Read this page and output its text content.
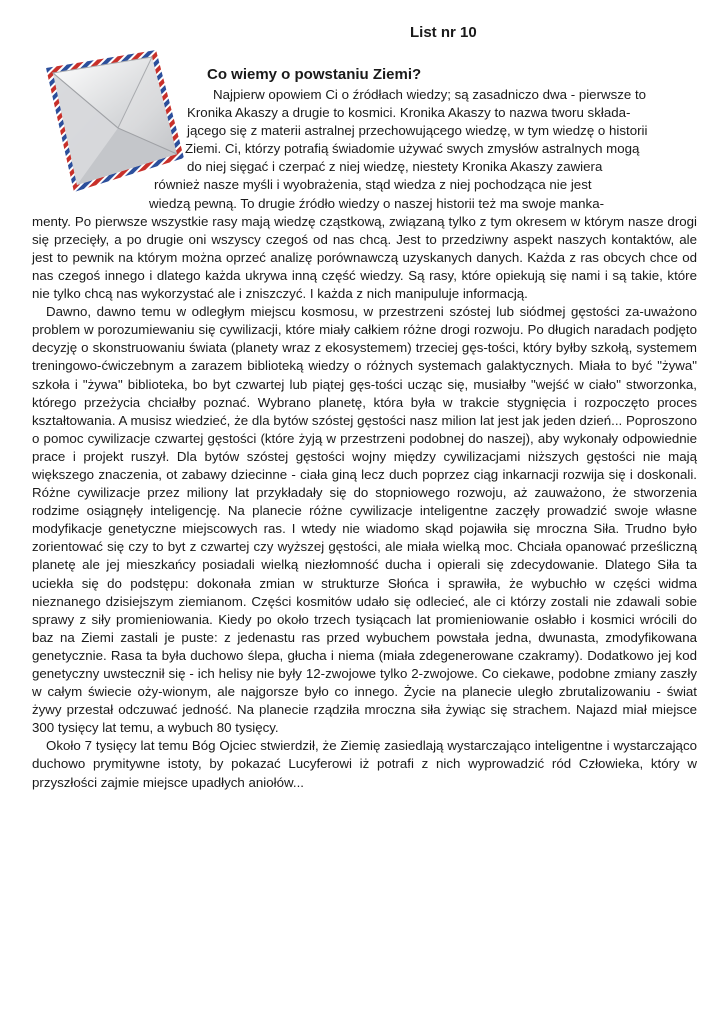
List nr 10
Co wiemy o powstaniu Ziemi?
Najpierw opowiem Ci o źródłach wiedzy; są zasadniczo dwa - pierwsze to
Kronika Akaszy a drugie to kosmici. Kronika Akaszy to nazwa tworu składa-
jącego się z materii astralnej przechowującego wiedzę, w tym wiedzę o historii
Ziemi. Ci, którzy potrafią świadomie używać swych zmysłów astralnych mogą
do niej sięgać i czerpać z niej wiedzę, niestety Kronika Akaszy zawiera
również nasze myśli i wyobrażenia, stąd wiedza z niej pochodząca nie jest
wiedzą pewną. To drugie źródło wiedzy o naszej historii też ma swoje manka-

menty. Po pierwsze wszystkie rasy mają wiedzę cząstkową, związaną tylko z tym okresem w którym nasze drogi się przecięły, a po drugie oni wszyscy czegoś od nas chcą. Jest to przedziwny aspekt naszych kontaktów, ale jest to pewnik na którym można oprzeć analizę porównawczą uzyskanych danych. Każda z ras obcych chce od nas czegoś innego i dlatego każda ukrywa inną część wiedzy. Są rasy, które opiekują się nami i są takie, które nie tylko chcą nas wykorzystać ale i zniszczyć. I każda z nich manipuluje informacją.

Dawno, dawno temu w odległym miejscu kosmosu, w przestrzeni szóstej lub siódmej gęstości za-uważono problem w porozumiewaniu się cywilizacji, które miały całkiem różne drogi rozwoju. Po długich naradach podjęto decyzję o skonstruowaniu świata (planety wraz z ekosystemem) trzeciej gęs-tości, który byłby szkołą, systemem treningowo-ćwiczebnym a zarazem biblioteką wiedzy o różnych systemach galaktycznych. Miała to być "żywa" szkoła i "żywa" biblioteka, bo byt czwartej lub piątej gęs-tości ucząc się, musiałby "wejść w ciało" stworzonka, którego przeżycia chciałby poznać. Wybrano planetę, która była w trakcie stygnięcia i rozpoczęto proces kształtowania. A musisz wiedzieć, że dla bytów szóstej gęstości nasz milion lat jest jak jeden dzień... Poproszono o pomoc cywilizacje czwartej gęstości (które żyją w przestrzeni podobnej do naszej), aby wykonały odpowiednie prace i projekt ruszył. Dla bytów szóstej gęstości wojny między cywilizacjami niższych gęstości nie mają większego znaczenia, ot zabawy dziecinne - ciała giną lecz duch poprzez ciąg inkarnacji rozwija się i doskonali. Różne cywilizacje przez miliony lat przykładały się do stopniowego rozwoju, aż zauważono, że stworzenia rodzime osiągnęły inteligencję. Na planecie różne cywilizacje inteligentne zaczęły prowadzić swoje własne modyfikacje genetyczne miejscowych ras. I wtedy nie wiadomo skąd pojawiła się mroczna Siła. Trudno było zorientować się czy to byt z czwartej czy wyższej gęstości, ale miała wielką moc. Chciała opanować prześliczną planetę ale jej mieszkańcy posiadali wielką niezłomność ducha i opierali się zdecydowanie. Dlatego Siła ta uciekła się do podstępu: dokonała zmian w strukturze Słońca i sprawiła, że wybuchło w części widma nieznanego dzisiejszym ziemianom. Części kosmitów udało się odlecieć, ale ci którzy zostali nie zdawali sobie sprawy z siły promieniowania. Kiedy po około trzech tysiącach lat promieniowanie osłabło i kosmici wrócili do baz na Ziemi zastali je puste: z jedenastu ras przed wybuchem powstała jedna, dwunasta, zmodyfikowana genetycznie. Rasa ta była duchowo ślepa, głucha i niema (miała zdegenerowane czakramy). Dodatkowo jej kod genetyczny uwstecznił się - ich helisy nie były 12-zwojowe tylko 2-zwojowe. Co ciekawe, podobne zmiany zaszły w całym świecie oży-wionym, ale najgorsze było co innego. Życie na planecie uległo zbrutalizowaniu - świat żywy przestał odczuwać jedność. Na planecie rządziła mroczna siła żywiąc się strachem. Najazd miał miejsce 300 tysięcy lat temu, a wybuch 80 tysięcy.

Około 7 tysięcy lat temu Bóg Ojciec stwierdził, że Ziemię zasiedlają wystarczająco inteligentne i wystarczająco duchowo prymitywne istoty, by pokazać Lucyferowi iż potrafi z nich wyprowadzić ród Człowieka, który w przyszłości zajmie miejsce upadłych aniołów...
